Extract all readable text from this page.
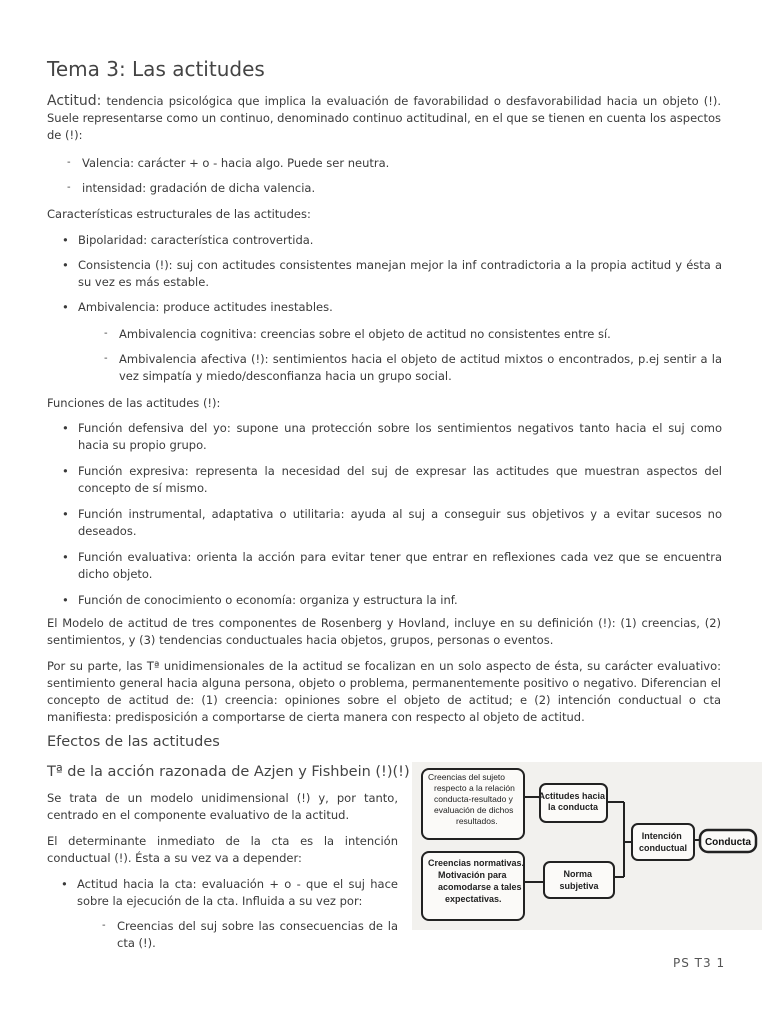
Tema 3: Las actitudes
Actitud: tendencia psicológica que implica la evaluación de favorabilidad o desfavorabilidad hacia un objeto (!). Suele representarse como un continuo, denominado continuo actitudinal, en el que se tienen en cuenta los aspectos de (!):
- Valencia: carácter + o - hacia algo. Puede ser neutra.
- intensidad: gradación de dicha valencia.
Características estructurales de las actitudes:
• Bipolaridad: característica controvertida.
• Consistencia (!): suj con actitudes consistentes manejan mejor la inf contradictoria a la propia actitud y ésta a su vez es más estable.
• Ambivalencia: produce actitudes inestables.
- Ambivalencia cognitiva: creencias sobre el objeto de actitud no consistentes entre sí.
- Ambivalencia afectiva (!): sentimientos hacia el objeto de actitud mixtos o encontrados, p.ej sentir a la vez simpatía y miedo/desconfianza hacia un grupo social.
Funciones de las actitudes (!):
• Función defensiva del yo: supone una protección sobre los sentimientos negativos tanto hacia el suj como hacia su propio grupo.
• Función expresiva: representa la necesidad del suj de expresar las actitudes que muestran aspectos del concepto de sí mismo.
• Función instrumental, adaptativa o utilitaria: ayuda al suj a conseguir sus objetivos y a evitar sucesos no deseados.
• Función evaluativa: orienta la acción para evitar tener que entrar en reflexiones cada vez que se encuentra dicho objeto.
• Función de conocimiento o economía: organiza y estructura la inf.
El Modelo de actitud de tres componentes de Rosenberg y Hovland, incluye en su definición (!): (1) creencias, (2) sentimientos, y (3) tendencias conductuales hacia objetos, grupos, personas o eventos.
Por su parte, las Tª unidimensionales de la actitud se focalizan en un solo aspecto de ésta, su carácter evaluativo: sentimiento general hacia alguna persona, objeto o problema, permanentemente positivo o negativo. Diferencian el concepto de actitud de: (1) creencia: opiniones sobre el objeto de actitud; e (2) intención conductual o cta manifiesta: predisposición a comportarse de cierta manera con respecto al objeto de actitud.
Efectos de las actitudes
Tª de la acción razonada de Azjen y Fishbein (!)(!)
Se trata de un modelo unidimensional (!) y, por tanto, centrado en el componente evaluativo de la actitud.
El determinante inmediato de la cta es la intención conductual (!). Ésta a su vez va a depender:
• Actitud hacia la cta: evaluación + o - que el suj hace sobre la ejecución de la cta. Influida a su vez por:
- Creencias del suj sobre las consecuencias de la cta (!).
Creencias del sujeto respecto a la relación conducta-resultado y evaluación de dichos resultados.
Actitudes hacia la conducta
Creencias normativas. Motivación para acomodarse a tales expectativas.
Norma subjetiva
Intención conductual Conducta
PS T3 1
